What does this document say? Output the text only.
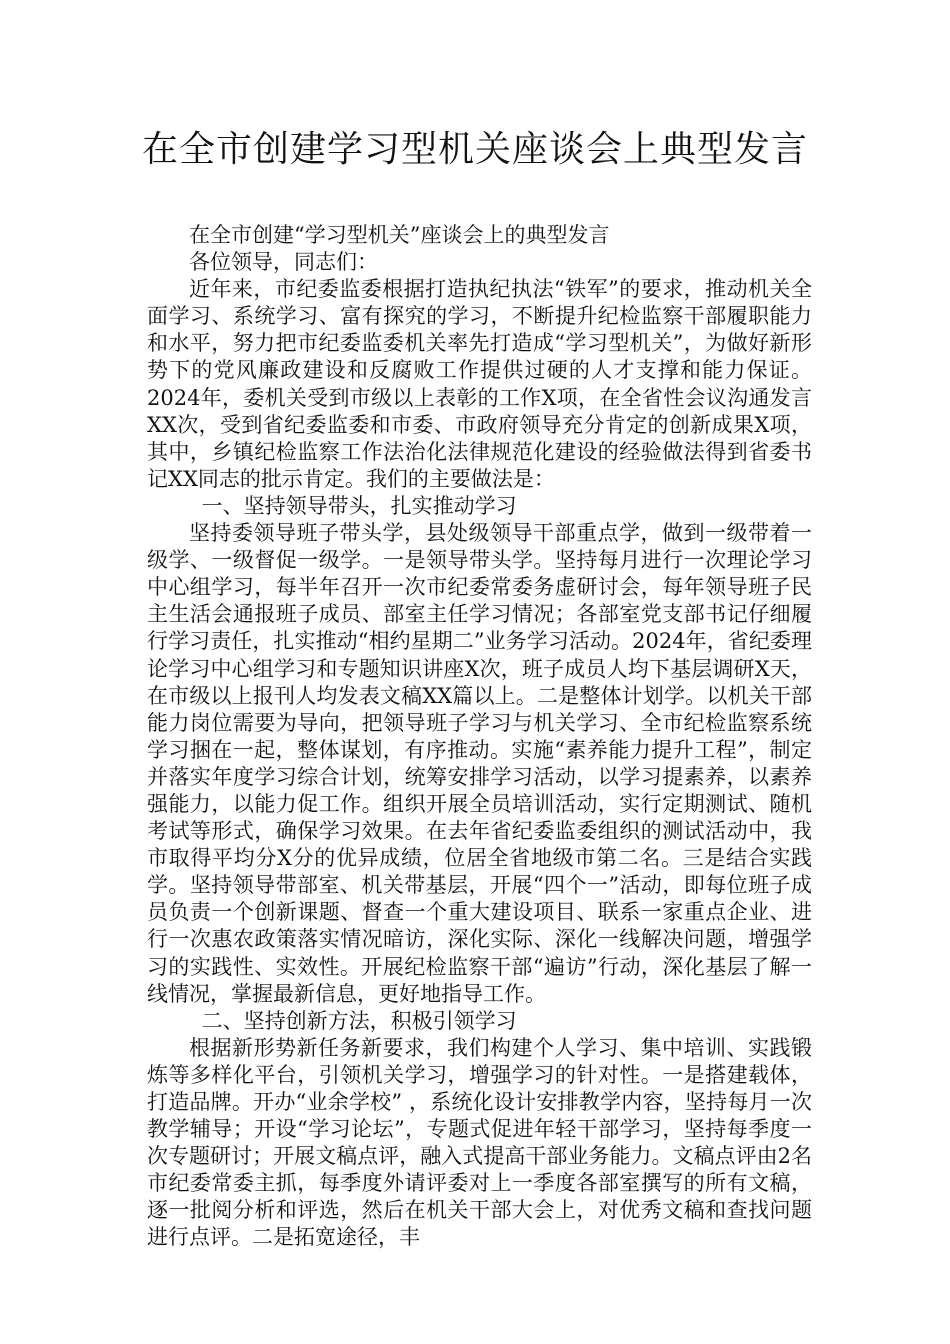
在全市创建学习型机关座谈会上典型发言

在全市创建“学习型机关”座谈会上的典型发言

各位领导，同志们：

近年来，市纪委监委根据打造执纪执法“铁军”的要求，推动机关全面学习、系统学习、富有探究的学习，不断提升纪检监察干部履职能力和水平，努力把市纪委监委机关率先打造成“学习型机关”，为做好新形势下的党风廉政建设和反腐败工作提供过硬的人才支撑和能力保证。2024年，委机关受到市级以上表彰的工作X项，在全省性会议沟通发言XX次，受到省纪委监委和市委、市政府领导充分肯定的创新成果X项，其中，乡镇纪检监察工作法治化法律规范化建设的经验做法得到省委书记XX同志的批示肯定。我们的主要做法是：

一、坚持领导带头，扎实推动学习

坚持委领导班子带头学，县处级领导干部重点学，做到一级带着一级学、一级督促一级学。一是领导带头学。坚持每月进行一次理论学习中心组学习，每半年召开一次市纪委常委务虚研讨会，每年领导班子民主生活会通报班子成员、部室主任学习情况；各部室党支部书记仔细履行学习责任，扎实推动“相约星期二”业务学习活动。2024年，省纪委理论学习中心组学习和专题知识讲座X次，班子成员人均下基层调研X天，在市级以上报刊人均发表文稿XX篇以上。二是整体计划学。以机关干部能力岗位需要为导向，把领导班子学习与机关学习、全市纪检监察系统学习捆在一起，整体谋划，有序推动。实施“素养能力提升工程”，制定并落实年度学习综合计划，统筹安排学习活动，以学习提素养，以素养强能力，以能力促工作。组织开展全员培训活动，实行定期测试、随机考试等形式，确保学习效果。在去年省纪委监委组织的测试活动中，我市取得平均分X分的优异成绩，位居全省地级市第二名。三是结合实践学。坚持领导带部室、机关带基层，开展“四个一”活动，即每位班子成员负责一个创新课题、督查一个重大建设项目、联系一家重点企业、进行一次惠农政策落实情况暗访，深化实际、深化一线解决问题，增强学习的实践性、实效性。开展纪检监察干部“遍访”行动，深化基层了解一线情况，掌握最新信息，更好地指导工作。

二、坚持创新方法，积极引领学习

根据新形势新任务新要求，我们构建个人学习、集中培训、实践锻炼等多样化平台，引领机关学习，增强学习的针对性。一是搭建载体，打造品牌。开办“业余学校” ，系统化设计安排教学内容，坚持每月一次教学辅导；开设“学习论坛”，专题式促进年轻干部学习，坚持每季度一次专题研讨；开展文稿点评，融入式提高干部业务能力。文稿点评由2名市纪委常委主抓，每季度外请评委对上一季度各部室撰写的所有文稿，逐一批阅分析和评选，然后在机关干部大会上，对优秀文稿和查找问题进行点评。二是拓宽途径，丰
